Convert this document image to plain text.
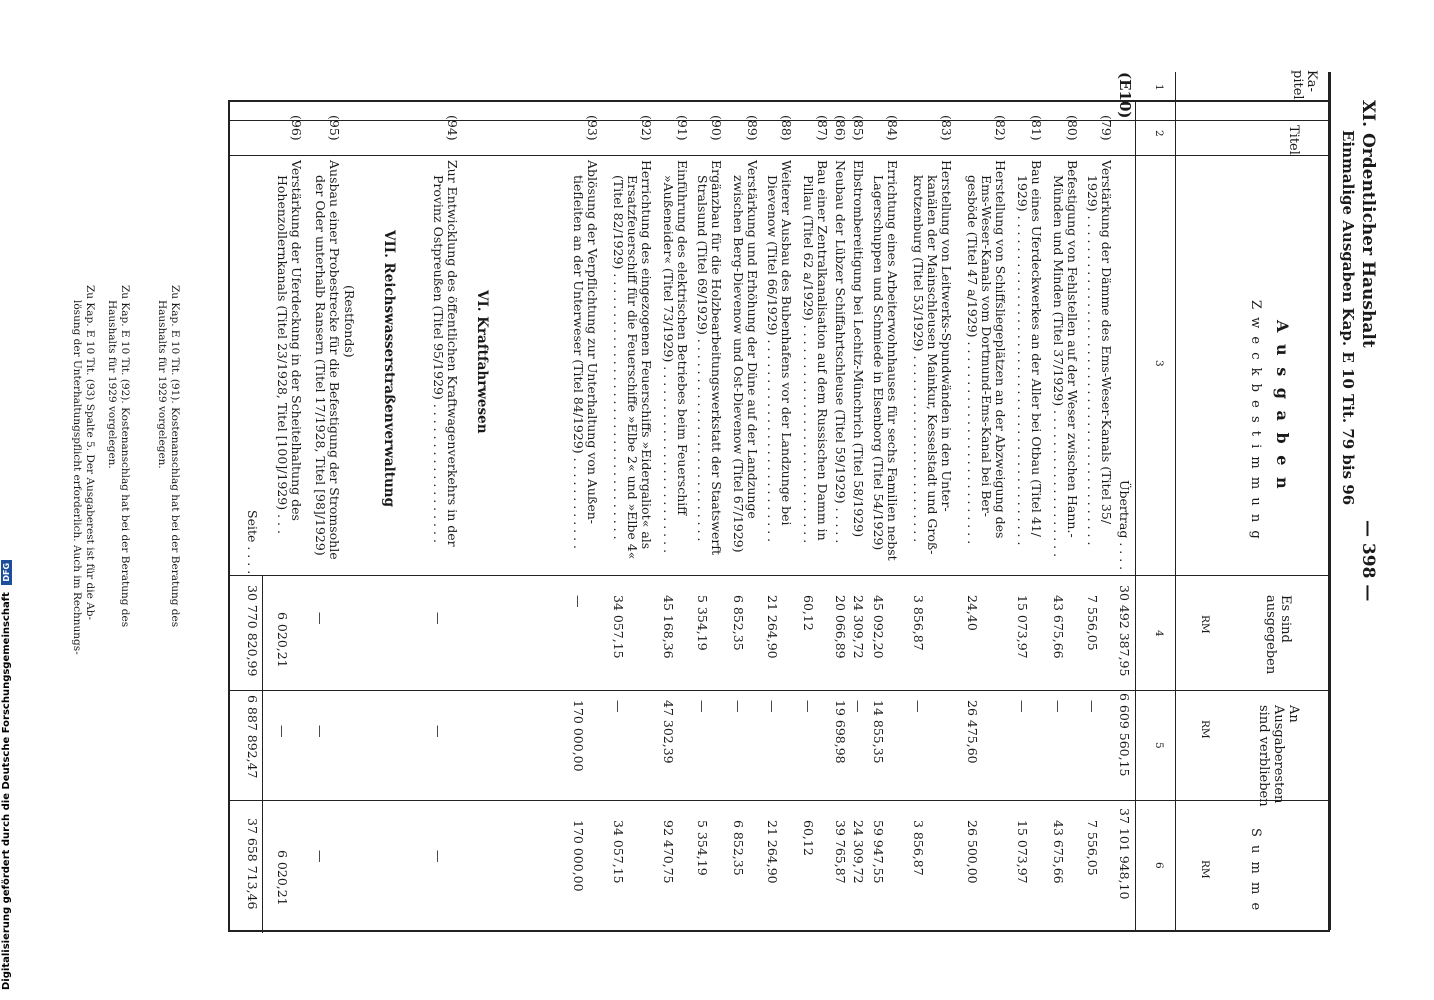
XI. Ordentlicher Haushalt
— 398 —
Einmalige Ausgaben Kap. E 10 Tit. 79 bis 96
Ka-
pitel
Titel
A u s g a b e n
Z w e c k b e s t i m m u n g
Es sind
ausgegeben
An
Ausgaberesten
sind verblieben
S u m m e
RM
RM
RM
1
2
3
4
5
6
(E10)
Übertrag . . . .
30 492 387,95
6 609 560,15
37 101 948,10
VI. Kraftfahrwesen
VII. Reichswasserstraßenverwaltung
(Restfonds)
Seite . . . .
30 770 820,99
6 887 892,47
37 658 713,46
Digitalisierung gefördert durch die Deutsche Forschungsgemeinschaft DFG
(79)
Verstärkung der Dämme des Ems-Weser-Kanals (Titel 35/
1929) . . . . . . . . . . . . . . . . . . . . . . . . . . . . . . . . . . . . . . . . . .
7 556,05
—
7 556,05
(80)
Befestigung von Fehlstellen auf der Weser zwischen Hann.-
Münden und Minden (Titel 37/1929) . . . . . . . . . . . . . . . . . . .
43 675,66
—
43 675,66
(81)
Bau eines Uferdeckwerkes an der Aller bei Otbau (Titel 41/
1929) . . . . . . . . . . . . . . . . . . . . . . . . . . . . . . . . . . . . . . . . . .
15 073,97
—
15 073,97
(82)
Herstellung von Schiffsliegeplätzen an der Abzweigung des
Ems-Weser-Kanals vom Dortmund-Ems-Kanal bei Ber-
gesböde (Titel 47 a/1929) . . . . . . . . . . . . . . . . . . . . . . . . . .
24,40
26 475,60
26 500,00
(83)
Herstellung von Leitwerks-Spundwänden in den Unter-
kanälen der Mainschleusen Mainkur, Kesselstadt und Groß-
krotzenburg (Titel 53/1929) . . . . . . . . . . . . . . . . . . . . . . . .
3 856,87
—
3 856,87
(84)
Errichtung eines Arbeiterwohnhauses für sechs Familien nebst
Lagerschuppen und Schmiede in Elsenborg (Titel 54/1929)
45 092,20
14 855,35
59 947,55
(85)
Elbstrombereitigung bei Lechitz-Münchrich (Titel 58/1929)
24 309,72
—
24 309,72
(86)
Neubau der Lübzer Schiffahrtschleuse (Titel 59/1929) . . . . .
20 066,89
19 698,98
39 765,87
(87)
Bau einer Zentralkanalisation auf dem Russischen Damm in
Pillau (Titel 62 a/1929) . . . . . . . . . . . . . . . . . . . . . . . . . . . .
60,12
—
60,12
(88)
Weiterer Ausbau des Bubenhafens vor der Landzunge bei
Dievenow (Titel 66/1929) . . . . . . . . . . . . . . . . . . . . . . . . . .
21 264,90
—
21 264,90
(89)
Verstärkung und Erhöhung der Düne auf der Landzunge
zwischen Berg-Dievenow und Ost-Dievenow (Titel 67/1929)
6 852,35
—
6 852,35
(90)
Ergänzbau für die Holzbearbeitungswerkstatt der Staatswerft
Stralsund (Titel 69/1929) . . . . . . . . . . . . . . . . . . . . . . . . . .
5 354,19
—
5 354,19
(91)
Einführung des elektrischen Betriebes beim Feuerschiff
»Außeneider« (Titel 73/1929) . . . . . . . . . . . . . . . . . . . . . . . .
45 168,36
47 302,39
92 470,75
(92)
Herrichtung des eingezogenen Feuerschiffs »Eidergaliot« als
Ersatzfeuerschiff für die Feuerschiffe »Elbe 2« und »Elbe 4«
(Titel 82/1929) . . . . . . . . . . . . . . . . . . . . . . . . . . . . . . . . . .
34 057,15
—
34 057,15
(93)
Ablösung der Verpflichtung zur Unterhaltung von Außen-
tiefleiten an der Unterweser (Titel 84/1929) . . . . . . . . . . . .
—
170 000,00
170 000,00
(94)
Zur Entwicklung des öffentlichen Kraftwagenverkehrs in der
Provinz Ostpreußen (Titel 95/1929) . . . . . . . . . . . . . . . . . .
—
—
—
(95)
Ausbau einer Probestrecke für die Befestigung der Stromsohle
der Oder unterhalb Ransern (Titel 17/1928, Titel [98]/1929)
—
—
—
(96)
Verstärkung der Uferdeckung in der Scheitelhaltung des
Hohenzollernkanals (Titel 23/1928, Titel [100]/1929) . . .
6 020,21
—
6 020,21
Zu Kap. E 10 Tit. (91). Kostenanschlag hat bei der Beratung des
Haushalts für 1929 vorgelegen.
Zu Kap. E 10 Tit. (92). Kostenanschlag hat bei der Beratung des
Haushalts für 1929 vorgelegen.
Zu Kap. E 10 Tit. (93) Spalte 5. Der Ausgaberest ist für die Ab-
lösung der Unterhaltungspflicht erforderlich. Auch im Rechnungs-
